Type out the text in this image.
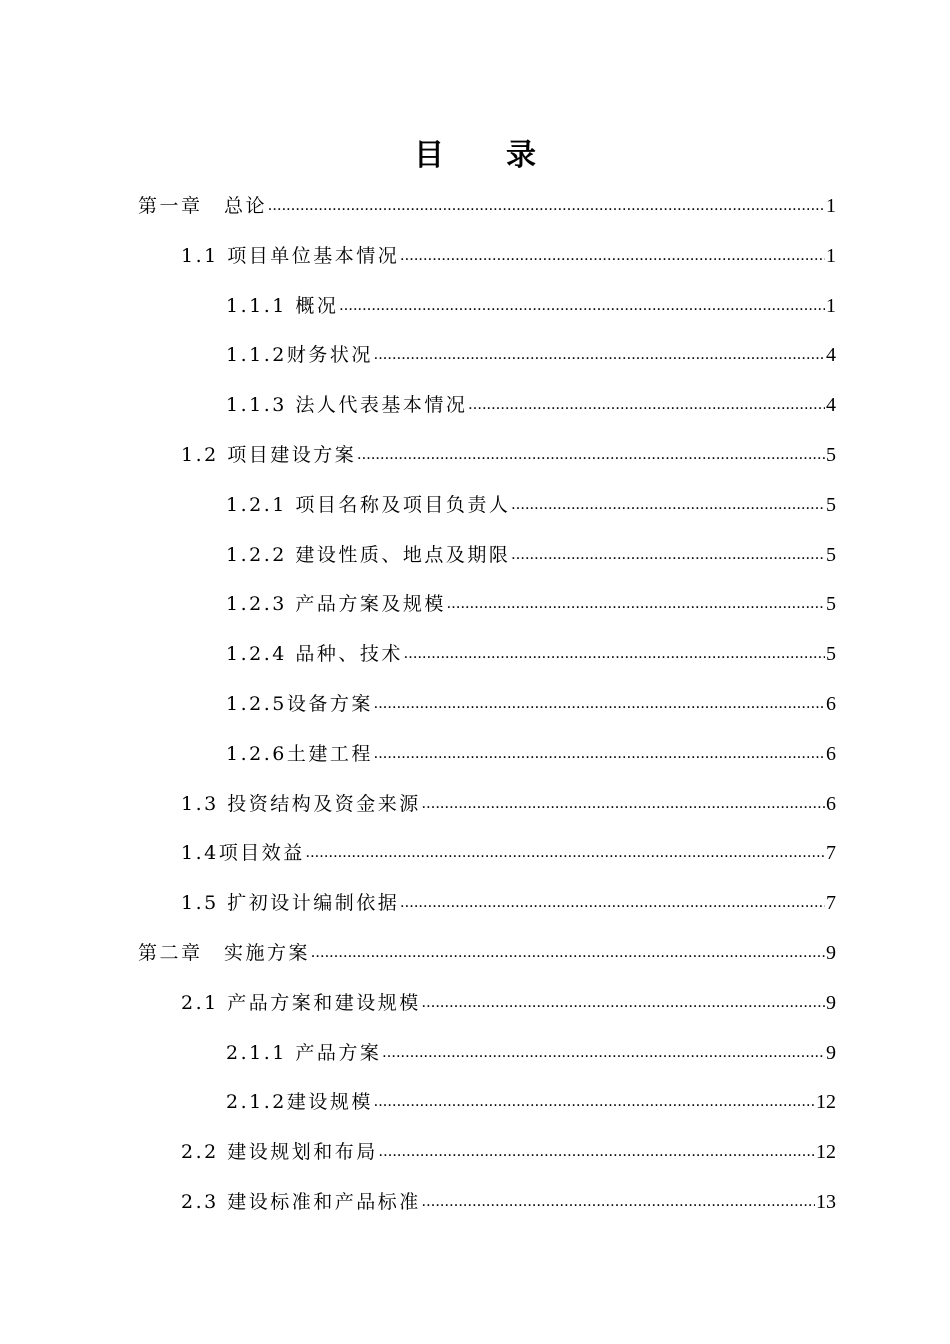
目 录
第一章　总论 .....	1
1.1 项目单位基本情况 .....	1
1.1.1 概况 .....	1
1.1.2财务状况 .....	4
1.1.3 法人代表基本情况 .....	4
1.2 项目建设方案 .....	5
1.2.1 项目名称及项目负责人 .....	5
1.2.2 建设性质、地点及期限 .....	5
1.2.3 产品方案及规模 .....	5
1.2.4 品种、技术 .....	5
1.2.5设备方案 .....	6
1.2.6土建工程 .....	6
1.3 投资结构及资金来源 .....	6
1.4项目效益 .....	7
1.5 扩初设计编制依据 .....	7
第二章　实施方案 .....	9
2.1 产品方案和建设规模 .....	9
2.1.1 产品方案 .....	9
2.1.2建设规模 .....	12
2.2 建设规划和布局 .....	12
2.3 建设标准和产品标准 .....	13
